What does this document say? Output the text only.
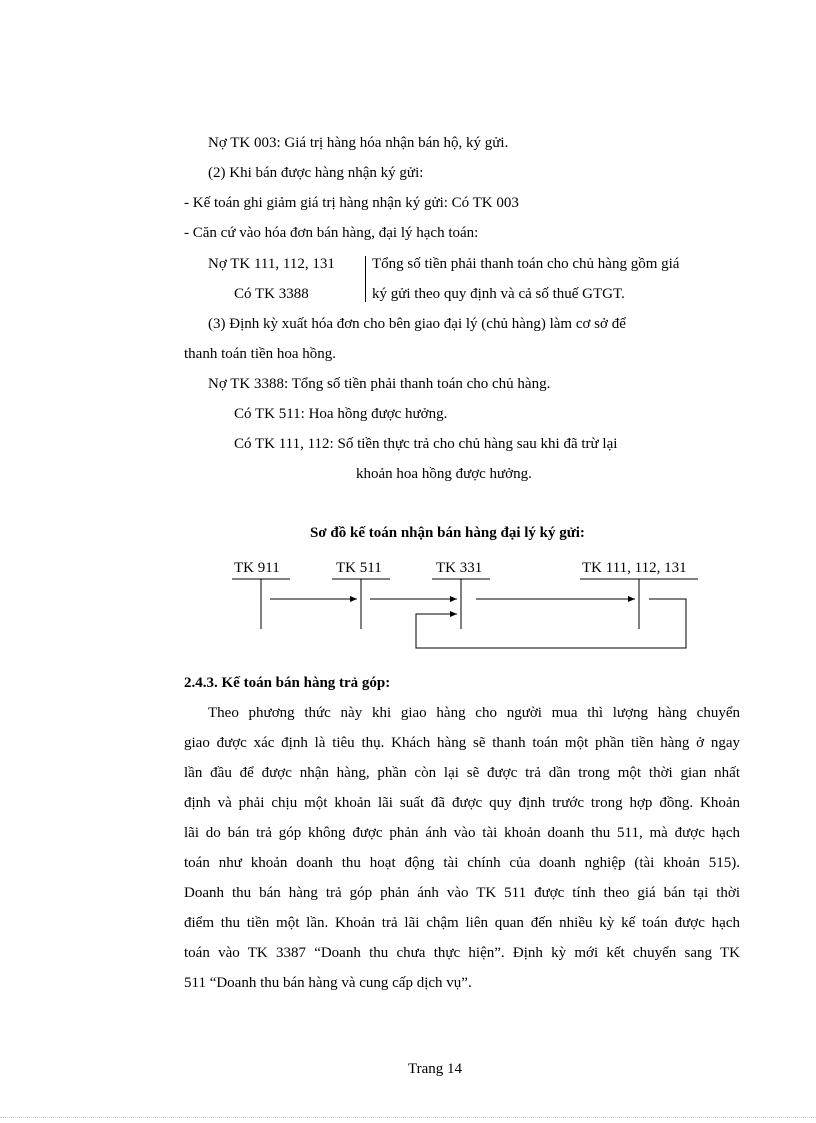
Nợ TK 003: Giá trị hàng hóa nhận bán hộ, ký gửi.
(2) Khi bán được hàng nhận ký gửi:
- Kế toán ghi giảm giá trị hàng nhận ký gửi: Có TK 003
- Căn cứ vào hóa đơn bán hàng, đại lý hạch toán:
Nợ TK 111, 112, 131
Có TK 3388
Tổng số tiền phải thanh toán cho chủ hàng gồm giá
ký gửi theo quy định và cả số thuế GTGT.
(3) Định kỳ xuất hóa đơn cho bên giao đại lý (chủ hàng) làm cơ sở để
thanh toán tiền hoa hồng.
Nợ TK 3388: Tổng số tiền phải thanh toán cho chủ hàng.
Có TK 511: Hoa hồng được hưởng.
Có TK 111, 112: Số tiền thực trả cho chủ hàng sau khi đã trừ lại
khoản hoa hồng được hưởng.
Sơ đồ kế toán nhận bán hàng đại lý ký gửi:
TK 911	TK 511	TK 331	TK 111, 112, 131
2.4.3. Kế toán bán hàng trả góp:
Theo phương thức này khi giao hàng cho người mua thì lượng hàng chuyển
giao được xác định là tiêu thụ. Khách hàng sẽ thanh toán một phần tiền hàng ở ngay
lần đầu để được nhận hàng, phần còn lại sẽ được trả dần trong một thời gian nhất
định và phải chịu một khoản lãi suất đã được quy định trước trong hợp đồng. Khoản
lãi do bán trả góp không được phản ánh vào tài khoản doanh thu 511, mà được hạch
toán như khoản doanh thu hoạt động tài chính của doanh nghiệp (tài khoản 515).
Doanh thu bán hàng trả góp phản ánh vào TK 511 được tính theo giá bán tại thời
điểm thu tiền một lần. Khoản trả lãi chậm liên quan đến nhiều kỳ kế toán được hạch
toán vào TK 3387 “Doanh thu chưa thực hiện”. Định kỳ mới kết chuyển sang TK
511 “Doanh thu bán hàng và cung cấp dịch vụ”.
Trang 14
